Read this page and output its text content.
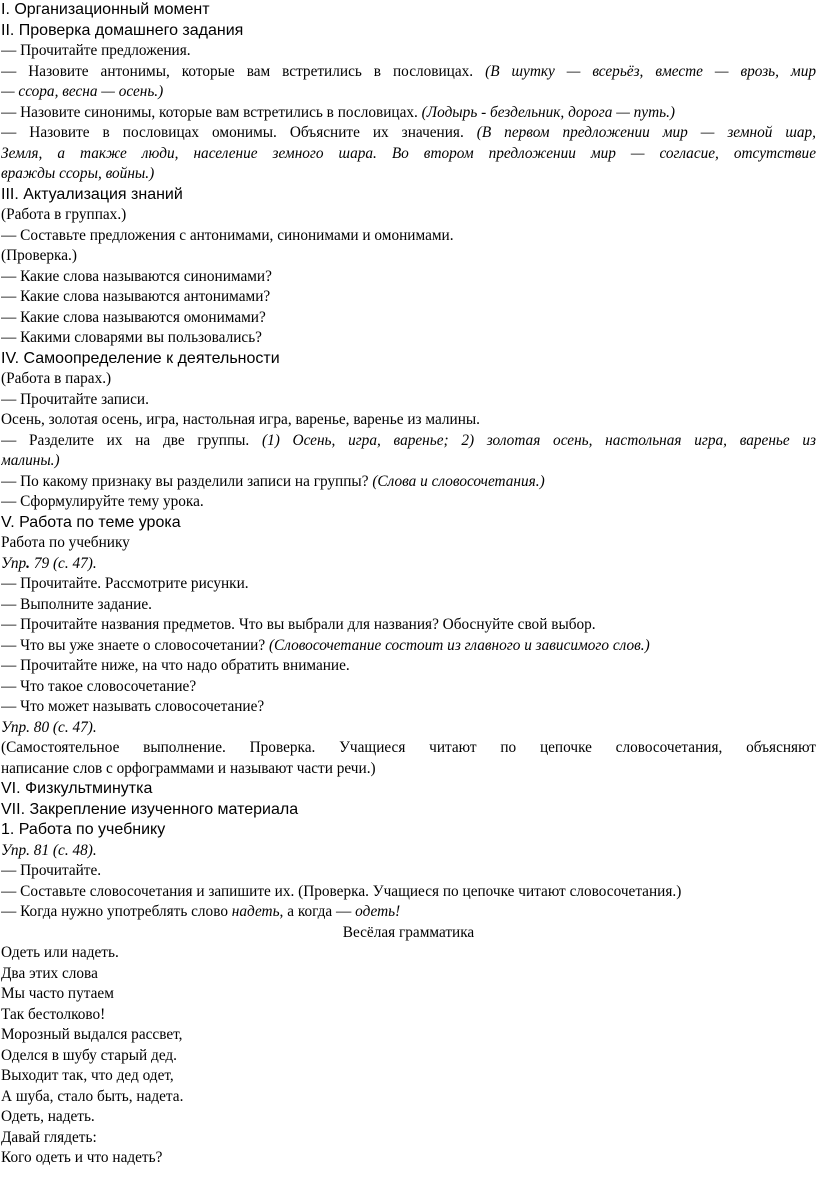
I. Организационный момент

II. Проверка домашнего задания

— Прочитайте предложения.

— Назовите антонимы, которые вам встретились в пословицах. (В шутку — всерьёз, вместе — врозь, мир

— ссора, весна — осень.)

— Назовите синонимы, которые вам встретились в пословицах. (Лодырь - бездельник, дорога — путь.)

— Назовите в пословицах омонимы. Объясните их значения. (В первом предложении мир — земной шар,

Земля, а также люди, население земного шара. Во втором предложении мир — согласие, отсутствие

вражды ссоры, войны.)

III. Актуализация знаний

(Работа в группах.)

— Составьте предложения с антонимами, синонимами и омонимами.

(Проверка.)

— Какие слова называются синонимами?

— Какие слова называются антонимами?

— Какие слова называются омонимами?

— Какими словарями вы пользовались?

IV. Самоопределение к деятельности

(Работа в парах.)

— Прочитайте записи.

Осень, золотая осень, игра, настольная игра, варенье, варенье из малины.

— Разделите их на две группы. (1) Осень, игра, варенье; 2) золотая осень, настольная игра, варенье из

малины.)

— По какому признаку вы разделили записи на группы? (Слова и словосочетания.)

— Сформулируйте тему урока.

V. Работа по теме урока

Работа по учебнику

Упр. 79 (с. 47).

— Прочитайте. Рассмотрите рисунки.

— Выполните задание.

— Прочитайте названия предметов. Что вы выбрали для названия? Обоснуйте свой выбор.

— Что вы уже знаете о словосочетании? (Словосочетание состоит из главного и зависимого слов.)

— Прочитайте ниже, на что надо обратить внимание.

— Что такое словосочетание?

— Что может называть словосочетание?

Упр. 80 (с. 47).

(Самостоятельное выполнение. Проверка. Учащиеся читают по цепочке словосочетания, объясняют

написание слов с орфограммами и называют части речи.)

VI. Физкультминутка

VII. Закрепление изученного материала

1. Работа по учебнику

Упр. 81 (с. 48).

— Прочитайте.

— Составьте словосочетания и запишите их. (Проверка. Учащиеся по цепочке читают словосочетания.)

— Когда нужно употреблять слово надеть, а когда — одеть!

Весёлая грамматика

Одеть или надеть.

Два этих слова

Мы часто путаем

Так бестолково!

Морозный выдался рассвет,

Оделся в шубу старый дед.

Выходит так, что дед одет,

А шуба, стало быть, надета.

Одеть, надеть.

Давай глядеть:

Кого одеть и что надеть?
